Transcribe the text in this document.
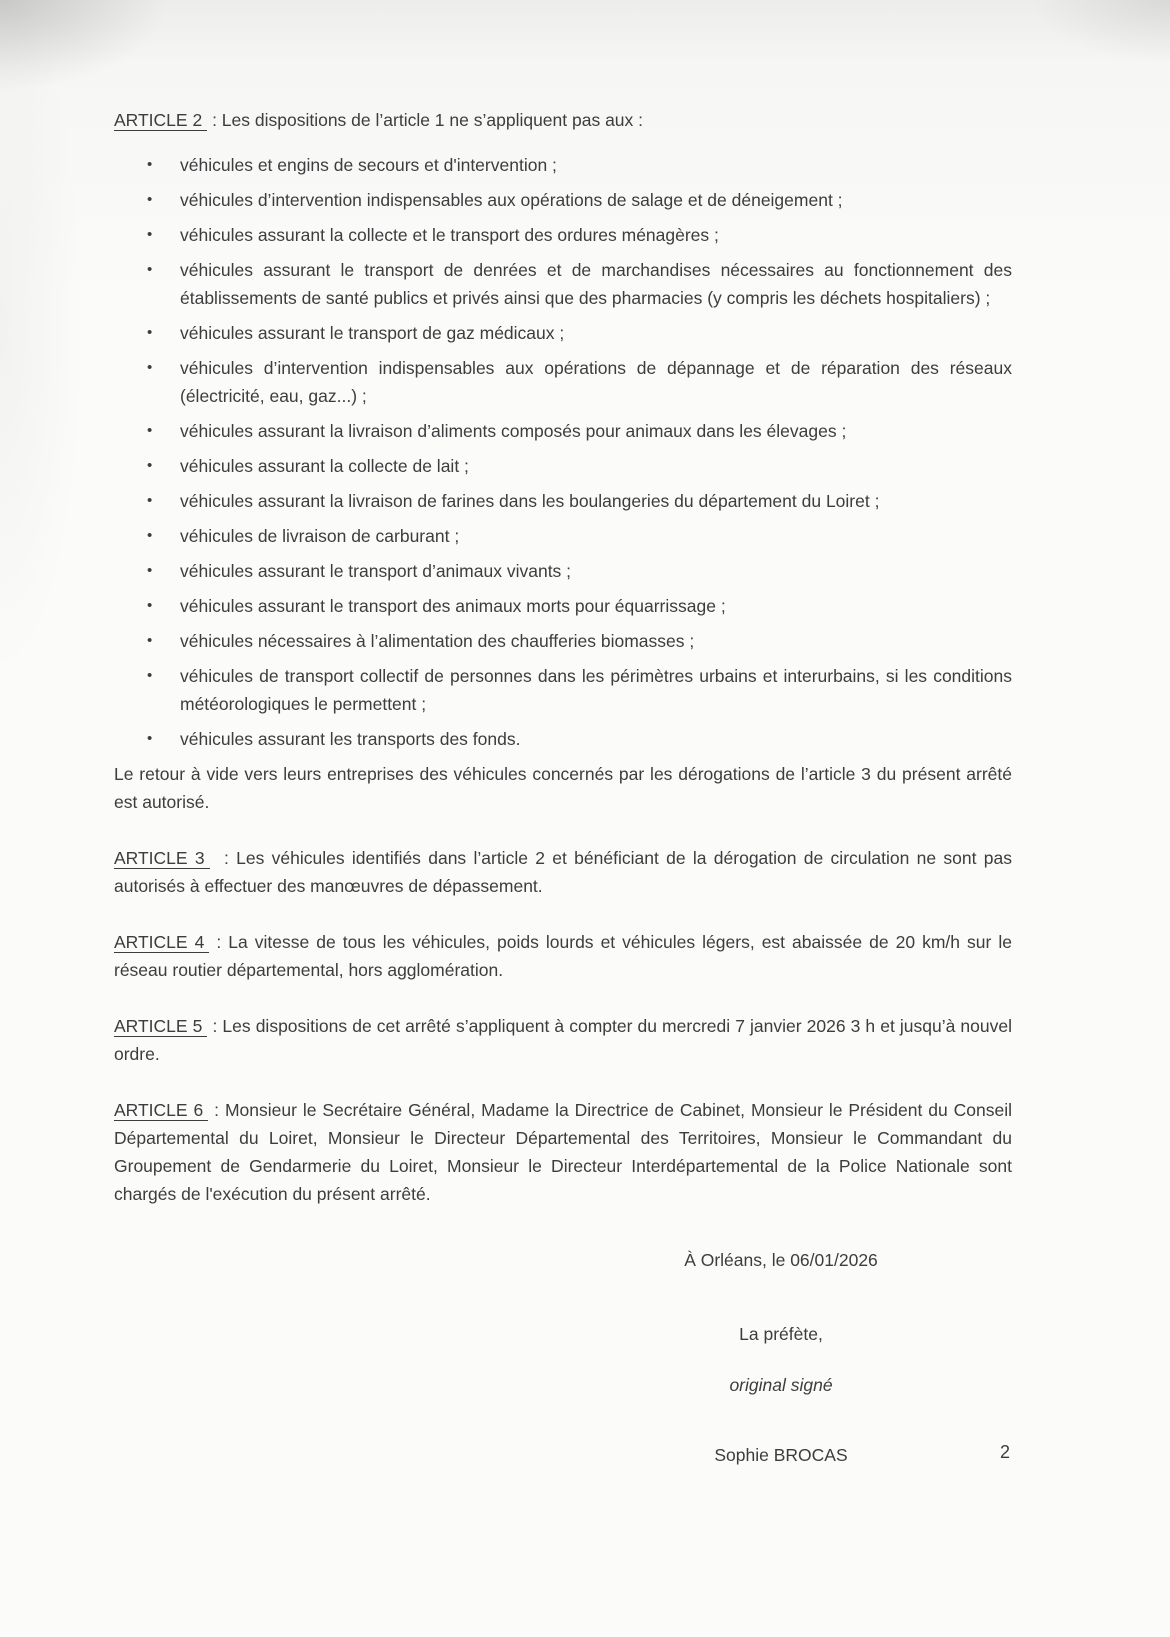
ARTICLE 2 : Les dispositions de l’article 1 ne s’appliquent pas aux :

• véhicules et engins de secours et d'intervention ;
• véhicules d’intervention indispensables aux opérations de salage et de déneigement ;
• véhicules assurant la collecte et le transport des ordures ménagères ;
• véhicules assurant le transport de denrées et de marchandises nécessaires au fonctionnement des établissements de santé publics et privés ainsi que des pharmacies (y compris les déchets hospitaliers) ;
• véhicules assurant le transport de gaz médicaux ;
• véhicules d’intervention indispensables aux opérations de dépannage et de réparation des réseaux (électricité, eau, gaz...) ;
• véhicules assurant la livraison d’aliments composés pour animaux dans les élevages ;
• véhicules assurant la collecte de lait ;
• véhicules assurant la livraison de farines dans les boulangeries du département du Loiret ;
• véhicules de livraison de carburant ;
• véhicules assurant le transport d’animaux vivants ;
• véhicules assurant le transport des animaux morts pour équarrissage ;
• véhicules nécessaires à l’alimentation des chaufferies biomasses ;
• véhicules de transport collectif de personnes dans les périmètres urbains et interurbains, si les conditions météorologiques le permettent ;
• véhicules assurant les transports des fonds.

Le retour à vide vers leurs entreprises des véhicules concernés par les dérogations de l’article 3 du présent arrêté est autorisé.

ARTICLE 3 : Les véhicules identifiés dans l’article 2 et bénéficiant de la dérogation de circulation ne sont pas autorisés à effectuer des manœuvres de dépassement.

ARTICLE 4 : La vitesse de tous les véhicules, poids lourds et véhicules légers, est abaissée de 20 km/h sur le réseau routier départemental, hors agglomération.

ARTICLE 5 : Les dispositions de cet arrêté s’appliquent à compter du mercredi 7 janvier 2026 3 h et jusqu’à nouvel ordre.

ARTICLE 6 : Monsieur le Secrétaire Général, Madame la Directrice de Cabinet, Monsieur le Président du Conseil Départemental du Loiret, Monsieur le Directeur Départemental des Territoires, Monsieur le Commandant du Groupement de Gendarmerie du Loiret, Monsieur le Directeur Interdépartemental de la Police Nationale sont chargés de l'exécution du présent arrêté.

À Orléans, le 06/01/2026

La préfète,

original signé

Sophie BROCAS	2
